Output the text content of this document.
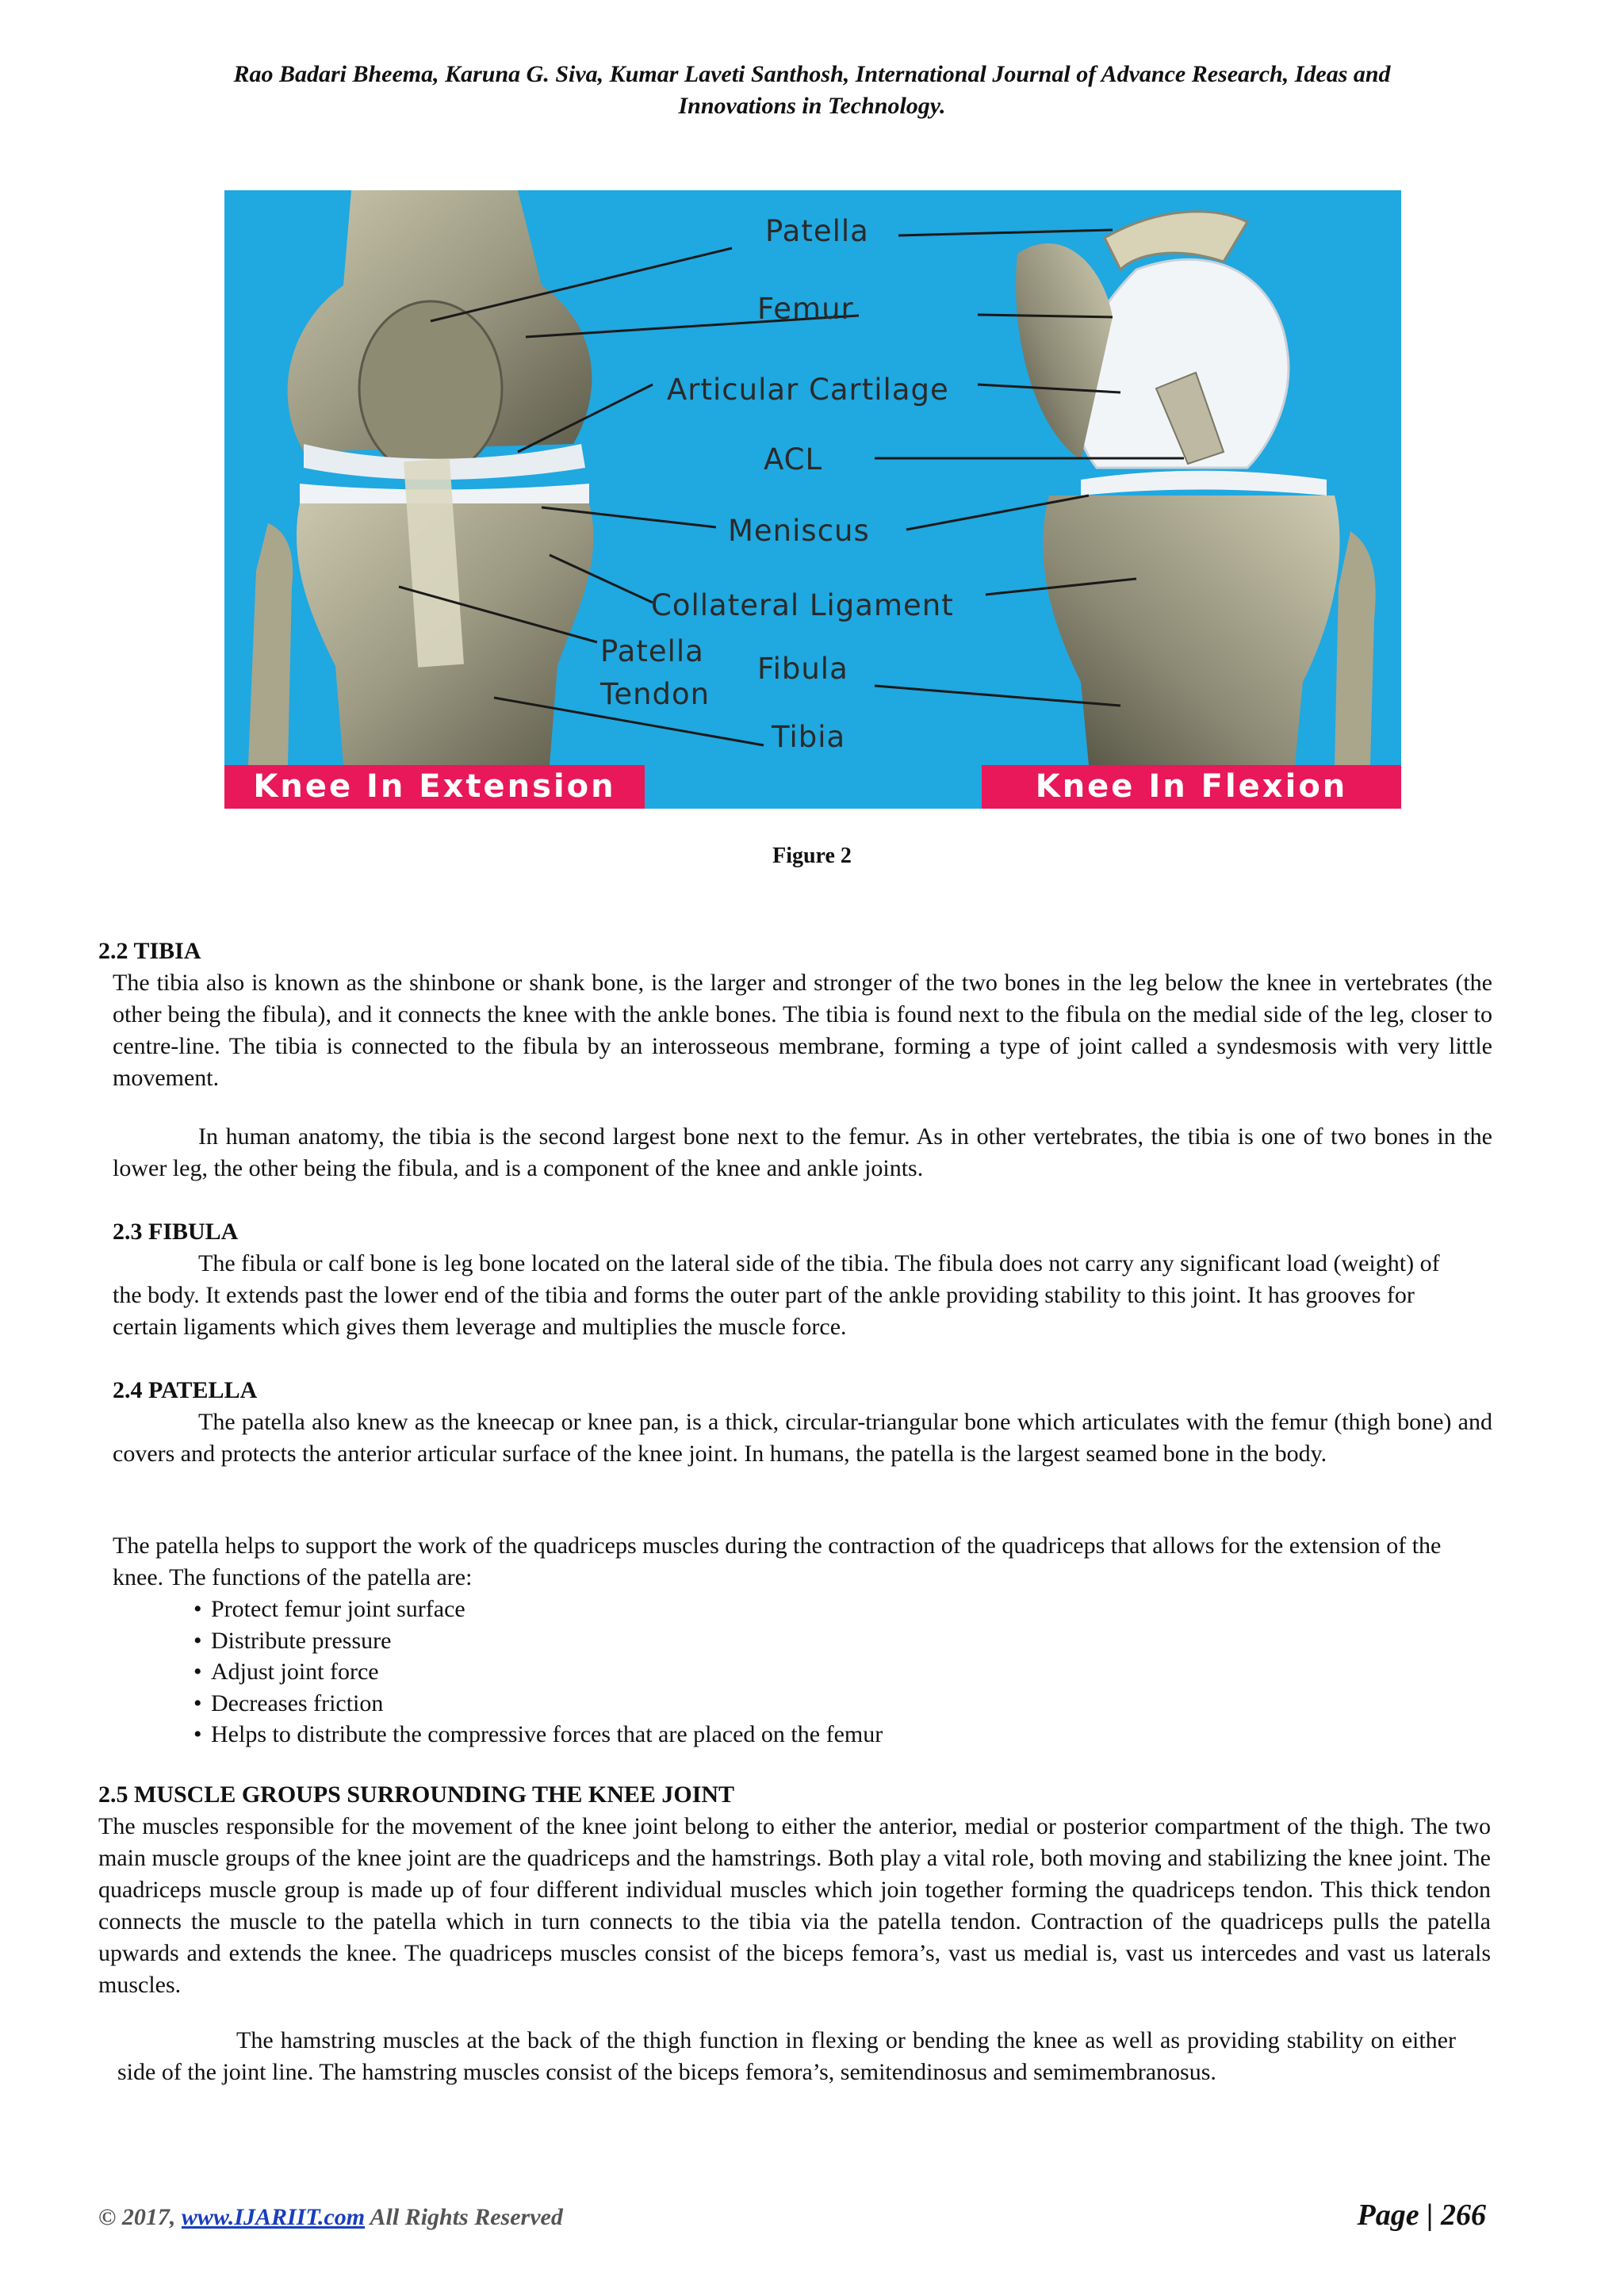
Rao Badari Bheema, Karuna G. Siva, Kumar Laveti Santhosh, International Journal of Advance Research, Ideas and
Innovations in Technology.
Patella
Femur
Articular Cartilage
ACL
Meniscus
Collateral Ligament
Patella
Tendon
Fibula
Tibia
Knee In Extension	Knee In Flexion
Figure 2
2.2 TIBIA
The tibia also is known as the shinbone or shank bone, is the larger and stronger of the two bones in the leg below the knee in vertebrates (the other being the fibula), and it connects the knee with the ankle bones. The tibia is found next to the fibula on the medial side of the leg, closer to centre-line. The tibia is connected to the fibula by an interosseous membrane, forming a type of joint called a syndesmosis with very little movement.
In human anatomy, the tibia is the second largest bone next to the femur. As in other vertebrates, the tibia is one of two bones in the lower leg, the other being the fibula, and is a component of the knee and ankle joints.
2.3 FIBULA
The fibula or calf bone is leg bone located on the lateral side of the tibia. The fibula does not carry any significant load (weight) of the body. It extends past the lower end of the tibia and forms the outer part of the ankle providing stability to this joint. It has grooves for certain ligaments which gives them leverage and multiplies the muscle force.
2.4 PATELLA
The patella also knew as the kneecap or knee pan, is a thick, circular-triangular bone which articulates with the femur (thigh bone) and covers and protects the anterior articular surface of the knee joint. In humans, the patella is the largest seamed bone in the body.
The patella helps to support the work of the quadriceps muscles during the contraction of the quadriceps that allows for the extension of the knee. The functions of the patella are:
• Protect femur joint surface
• Distribute pressure
• Adjust joint force
• Decreases friction
• Helps to distribute the compressive forces that are placed on the femur
2.5 MUSCLE GROUPS SURROUNDING THE KNEE JOINT
The muscles responsible for the movement of the knee joint belong to either the anterior, medial or posterior compartment of the thigh. The two main muscle groups of the knee joint are the quadriceps and the hamstrings. Both play a vital role, both moving and stabilizing the knee joint. The quadriceps muscle group is made up of four different individual muscles which join together forming the quadriceps tendon. This thick tendon connects the muscle to the patella which in turn connects to the tibia via the patella tendon. Contraction of the quadriceps pulls the patella upwards and extends the knee. The quadriceps muscles consist of the biceps femora’s, vast us medial is, vast us intercedes and vast us laterals muscles.
The hamstring muscles at the back of the thigh function in flexing or bending the knee as well as providing stability on either side of the joint line. The hamstring muscles consist of the biceps femora’s, semitendinosus and semimembranosus.
© 2017, www.IJARIIT.com All Rights Reserved	Page | 266
